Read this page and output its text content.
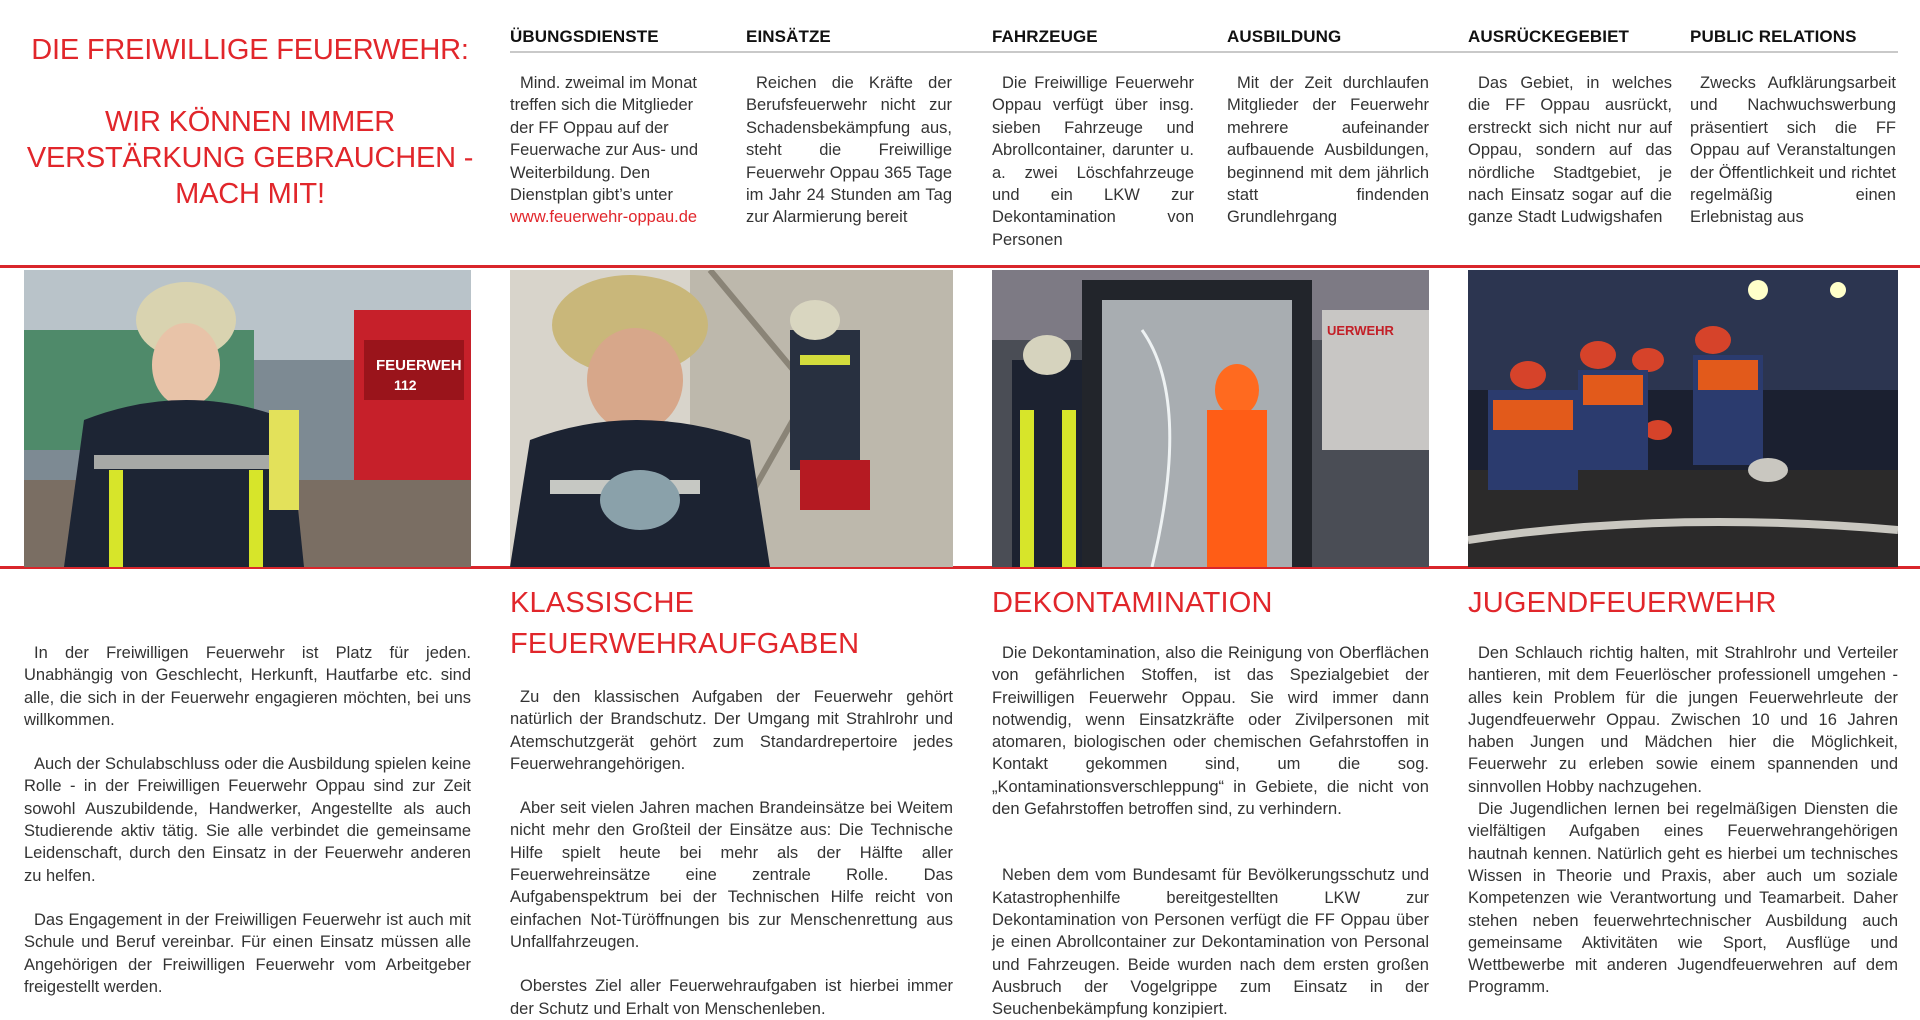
DIE FREIWILLIGE FEUERWEHR:
WIR KÖNNEN IMMER VERSTÄRKUNG GEBRAUCHEN - MACH MIT!
ÜBUNGSDIENSTE
Mind. zweimal im Monat treffen sich die Mitglieder der FF Oppau auf der Feuerwache zur Aus- und Weiterbildung. Den Dienstplan gibt’s unter
www.feuerwehr-oppau.de
EINSÄTZE
Reichen die Kräfte der Berufsfeuerwehr nicht zur Schadensbekämpfung aus, steht die Freiwillige Feuerwehr Oppau 365 Tage im Jahr 24 Stunden am Tag zur Alarmierung bereit
FAHRZEUGE
Die Freiwillige Feuerwehr Oppau verfügt über insg. sieben Fahrzeuge und Abrollcontainer, darunter u. a. zwei Löschfahrzeuge und ein LKW zur Dekontamination von Personen
AUSBILDUNG
Mit der Zeit durchlaufen Mitglieder der Feuerwehr mehrere aufeinander aufbauende Ausbildungen, beginnend mit dem jährlich statt findenden Grundlehrgang
AUSRÜCKEGEBIET
Das Gebiet, in welches die FF Oppau ausrückt, erstreckt sich nicht nur auf Oppau, sondern auf das nördliche Stadtgebiet, je nach Einsatz sogar auf die ganze Stadt Ludwigshafen
PUBLIC RELATIONS
Zwecks Aufklärungsarbeit und Nachwuchswerbung präsentiert sich die FF Oppau auf Veranstaltungen der Öffentlichkeit und richtet regelmäßig einen Erlebnistag aus
FEUERWEH
112
UERWEHR

In der Freiwilligen Feuerwehr ist Platz für jeden. Unabhängig von Geschlecht, Herkunft, Hautfarbe etc. sind alle, die sich in der Feuerwehr engagieren möchten, bei uns willkommen.

Auch der Schulabschluss oder die Ausbildung spielen keine Rolle - in der Freiwilligen Feuerwehr Oppau sind zur Zeit sowohl Auszubildende, Handwerker, Angestellte als auch Studierende aktiv tätig. Sie alle verbindet die gemeinsame Leidenschaft, durch den Einsatz in der Feuerwehr anderen zu helfen.

Das Engagement in der Freiwilligen Feuerwehr ist auch mit Schule und Beruf vereinbar. Für einen Einsatz müssen alle Angehörigen der Freiwilligen Feuerwehr vom Arbeitgeber freigestellt werden.

KLASSISCHE
FEUERWEHRAUFGABEN

Zu den klassischen Aufgaben der Feuerwehr gehört natürlich der Brandschutz. Der Umgang mit Strahlrohr und Atemschutzgerät gehört zum Standardrepertoire jedes Feuerwehrangehörigen.

Aber seit vielen Jahren machen Brandeinsätze bei Weitem nicht mehr den Großteil der Einsätze aus: Die Technische Hilfe spielt heute bei mehr als der Hälfte aller Feuerwehreinsätze eine zentrale Rolle. Das Aufgabenspektrum bei der Technischen Hilfe reicht von einfachen Not-Türöffnungen bis zur Menschenrettung aus Unfallfahrzeugen.

Oberstes Ziel aller Feuerwehraufgaben ist hierbei immer der Schutz und Erhalt von Menschenleben.

DEKONTAMINATION

Die Dekontamination, also die Reinigung von Oberflächen von gefährlichen Stoffen, ist das Spezialgebiet der Freiwilligen Feuerwehr Oppau. Sie wird immer dann notwendig, wenn Einsatzkräfte oder Zivilpersonen mit atomaren, biologischen oder chemischen Gefahrstoffen in Kontakt gekommen sind, um die sog. „Kontaminationsverschleppung“ in Gebiete, die nicht von den Gefahrstoffen betroffen sind, zu verhindern.

Neben dem vom Bundesamt für Bevölkerungsschutz und Katastrophenhilfe bereitgestellten LKW zur Dekontamination von Personen verfügt die FF Oppau über je einen Abrollcontainer zur Dekontamination von Personal und Fahrzeugen. Beide wurden nach dem ersten großen Ausbruch der Vogelgrippe zum Einsatz in der Seuchenbekämpfung konzipiert.

JUGENDFEUERWEHR

Den Schlauch richtig halten, mit Strahlrohr und Verteiler hantieren, mit dem Feuerlöscher professionell umgehen - alles kein Problem für die jungen Feuerwehrleute der Jugendfeuerwehr Oppau. Zwischen 10 und 16 Jahren haben Jungen und Mädchen hier die Möglichkeit, Feuerwehr zu erleben sowie einem spannenden und sinnvollen Hobby nachzugehen.

Die Jugendlichen lernen bei regelmäßigen Diensten die vielfältigen Aufgaben eines Feuerwehrangehörigen hautnah kennen. Natürlich geht es hierbei um technisches Wissen in Theorie und Praxis, aber auch um soziale Kompetenzen wie Verantwortung und Teamarbeit. Daher stehen neben feuerwehrtechnischer Ausbildung auch gemeinsame Aktivitäten wie Sport, Ausflüge und Wettbewerbe mit anderen Jugendfeuerwehren auf dem Programm.
